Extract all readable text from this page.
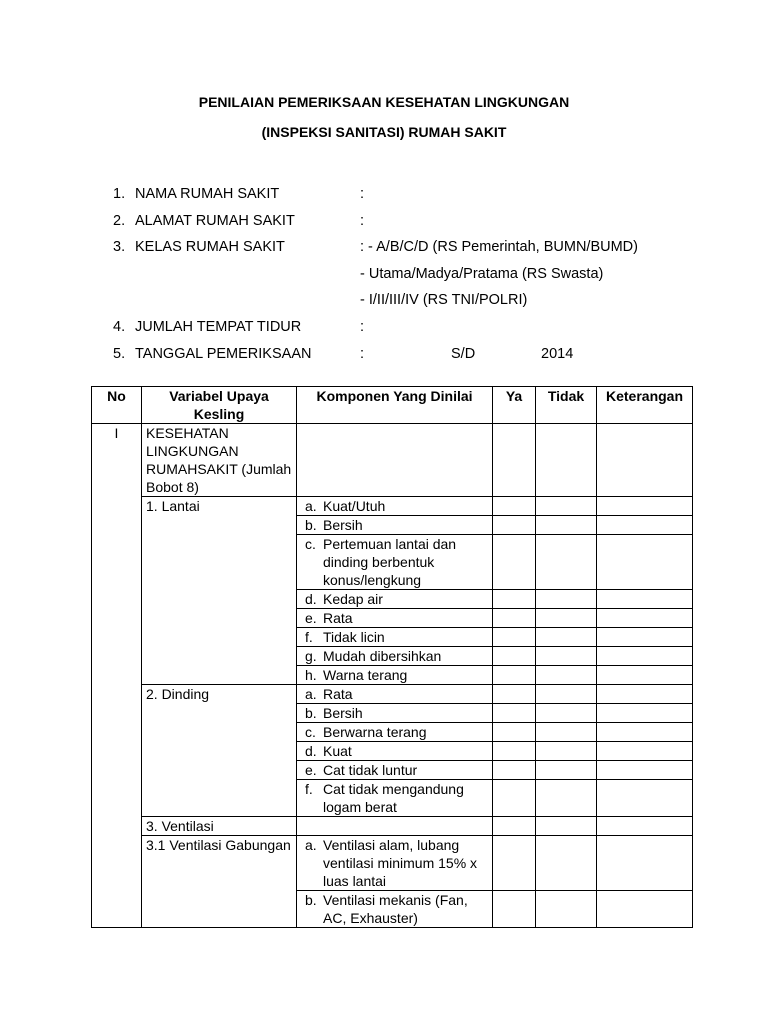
PENILAIAN PEMERIKSAAN KESEHATAN LINGKUNGAN
(INSPEKSI SANITASI) RUMAH SAKIT
1. NAMA RUMAH SAKIT	:
2. ALAMAT RUMAH SAKIT	:
3. KELAS RUMAH SAKIT	: - A/B/C/D (RS Pemerintah, BUMN/BUMD)
- Utama/Madya/Pratama (RS Swasta)
- I/II/III/IV (RS TNI/POLRI)
4. JUMLAH TEMPAT TIDUR	:
5. TANGGAL PEMERIKSAAN	:	S/D	2014
No	Variabel Upaya Kesling	Komponen Yang Dinilai	Ya	Tidak	Keterangan
I	KESEHATAN LINGKUNGAN RUMAHSAKIT (Jumlah Bobot 8)				
	1. Lantai	a. Kuat/Utuh			

		b. Bersih			

		c. Pertemuan lantai dan dinding berbentuk konus/lengkung			

		d. Kedap air			

		e. Rata			

		f. Tidak licin			

		g. Mudah dibersihkan			

		h. Warna terang			

	2. Dinding	a. Rata			

		b. Bersih			

		c. Berwarna terang			

		d. Kuat			

		e. Cat tidak luntur			

		f. Cat tidak mengandung logam berat			

	3. Ventilasi				
	3.1 Ventilasi Gabungan	a. Ventilasi alam, lubang ventilasi minimum 15% x luas lantai			

		b. Ventilasi mekanis (Fan, AC, Exhauster)			
